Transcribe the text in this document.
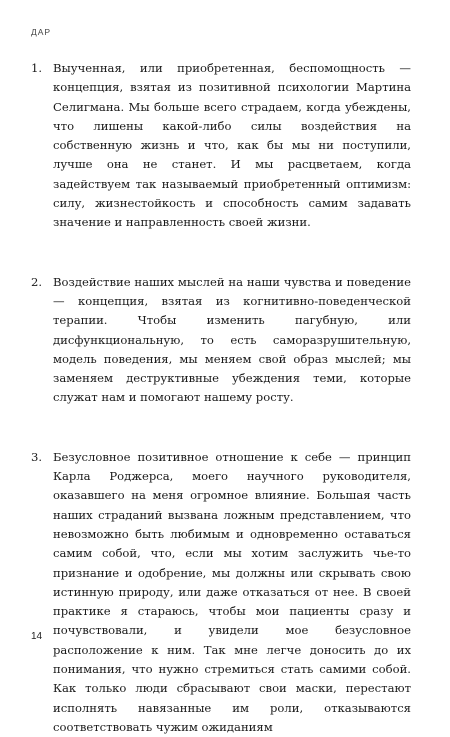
ДАР
1. Выученная, или приобретенная, беспомощность — концепция, взятая из позитивной психологии Мартина Селигмана. Мы больше всего страдаем, когда убеждены, что лишены какой-либо силы воздействия на собственную жизнь и что, как бы мы ни поступили, лучше она не станет. И мы расцветаем, когда задействуем так называемый приобретенный оптимизм: силу, жизнестойкость и способность самим задавать значение и направленность своей жизни.
2. Воздействие наших мыслей на наши чувства и поведение — концепция, взятая из когнитивно-поведенческой терапии. Чтобы изменить пагубную, или дисфункциональную, то есть саморазрушительную, модель поведения, мы меняем свой образ мыслей; мы заменяем деструктивные убеждения теми, которые служат нам и помогают нашему росту.
3. Безусловное позитивное отношение к себе — принцип Карла Роджерса, моего научного руководителя, оказавшего на меня огромное влияние. Большая часть наших страданий вызвана ложным представлением, что невозможно быть любимым и одновременно оставаться самим собой, что, если мы хотим заслужить чье-то признание и одобрение, мы должны или скрывать свою истинную природу, или даже отказаться от нее. В своей практике я стараюсь, чтобы мои пациенты сразу и почувствовали, и увидели мое безусловное расположение к ним. Так мне легче доносить до их понимания, что нужно стремиться стать самими собой. Как только люди сбрасывают свои маски, перестают исполнять навязанные им роли, отказываются соответствовать чужим ожиданиям
14
